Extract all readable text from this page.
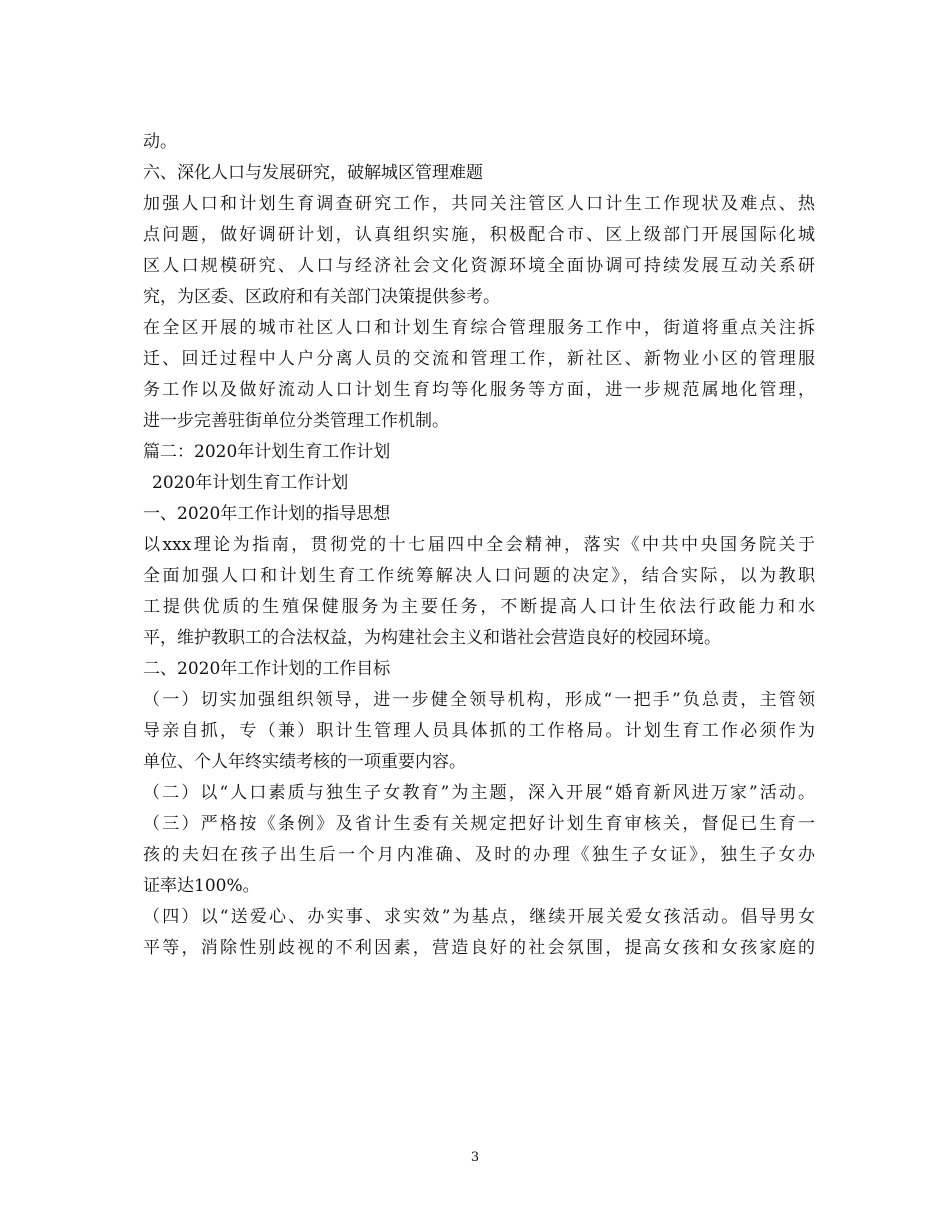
动。
六、深化人口与发展研究，破解城区管理难题
加强人口和计划生育调查研究工作，共同关注管区人口计生工作现状及难点、热
点问题，做好调研计划，认真组织实施，积极配合市、区上级部门开展国际化城
区人口规模研究、人口与经济社会文化资源环境全面协调可持续发展互动关系研
究，为区委、区政府和有关部门决策提供参考。
在全区开展的城市社区人口和计划生育综合管理服务工作中，街道将重点关注拆
迁、回迁过程中人户分离人员的交流和管理工作，新社区、新物业小区的管理服
务工作以及做好流动人口计划生育均等化服务等方面，进一步规范属地化管理，
进一步完善驻街单位分类管理工作机制。
篇二：2020年计划生育工作计划
2020年计划生育工作计划
一、2020年工作计划的指导思想
以xxx理论为指南，贯彻党的十七届四中全会精神，落实《中共中央国务院关于
全面加强人口和计划生育工作统筹解决人口问题的决定》，结合实际，以为教职
工提供优质的生殖保健服务为主要任务，不断提高人口计生依法行政能力和水
平，维护教职工的合法权益，为构建社会主义和谐社会营造良好的校园环境。
二、2020年工作计划的工作目标
（一）切实加强组织领导，进一步健全领导机构，形成“一把手”负总责，主管领
导亲自抓，专（兼）职计生管理人员具体抓的工作格局。计划生育工作必须作为
单位、个人年终实绩考核的一项重要内容。
（二）以“人口素质与独生子女教育”为主题，深入开展“婚育新风进万家”活动。
（三）严格按《条例》及省计生委有关规定把好计划生育审核关，督促已生育一
孩的夫妇在孩子出生后一个月内准确、及时的办理《独生子女证》，独生子女办
证率达100%。
（四）以“送爱心、办实事、求实效”为基点，继续开展关爱女孩活动。倡导男女
平等，消除性别歧视的不利因素，营造良好的社会氛围，提高女孩和女孩家庭的
3
